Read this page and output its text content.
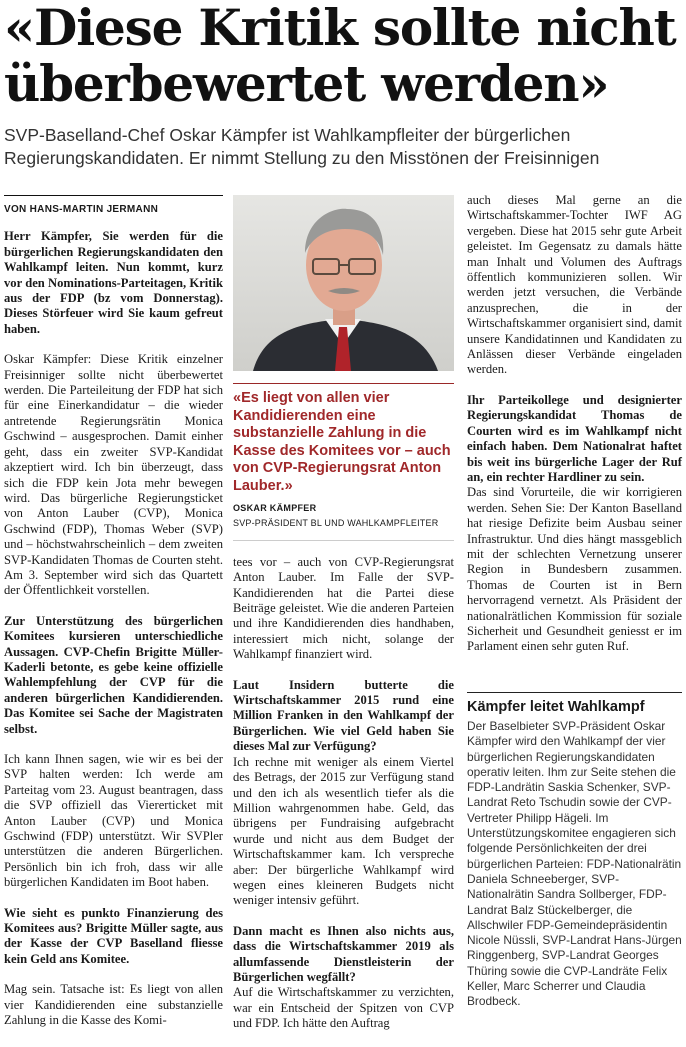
«Diese Kritik sollte nicht überbewertet werden»

SVP-Baselland-Chef Oskar Kämpfer ist Wahlkampfleiter der bürgerlichen Regierungskandidaten. Er nimmt Stellung zu den Misstönen der Freisinnigen

VON HANS-MARTIN JERMANN

Herr Kämpfer, Sie werden für die bürgerlichen Regierungskandidaten den Wahlkampf leiten. Nun kommt, kurz vor den Nominations-Parteitagen, Kritik aus der FDP (bz vom Donnerstag). Dieses Störfeuer wird Sie kaum gefreut haben.

Oskar Kämpfer: Diese Kritik einzelner Freisinniger sollte nicht überbewertet werden. Die Parteileitung der FDP hat sich für eine Einerkandidatur – die wieder antretende Regierungsrätin Monica Gschwind – ausgesprochen. Damit einher geht, dass ein zweiter SVP-Kandidat akzeptiert wird. Ich bin überzeugt, dass sich die FDP kein Jota mehr bewegen wird. Das bürgerliche Regierungsticket von Anton Lauber (CVP), Monica Gschwind (FDP), Thomas Weber (SVP) und – höchstwahrscheinlich – dem zweiten SVP-Kandidaten Thomas de Courten steht. Am 3. September wird sich das Quartett der Öffentlichkeit vorstellen.

Zur Unterstützung des bürgerlichen Komitees kursieren unterschiedliche Aussagen. CVP-Chefin Brigitte Müller-Kaderli betonte, es gebe keine offizielle Wahlempfehlung der CVP für die anderen bürgerlichen Kandidierenden. Das Komitee sei Sache der Magistraten selbst.

Ich kann Ihnen sagen, wie wir es bei der SVP halten werden: Ich werde am Parteitag vom 23. August beantragen, dass die SVP offiziell das Viererticket mit Anton Lauber (CVP) und Monica Gschwind (FDP) unterstützt. Wir SVPler unterstützen die anderen Bürgerlichen. Persönlich bin ich froh, dass wir alle bürgerlichen Kandidaten im Boot haben.

Wie sieht es punkto Finanzierung des Komitees aus? Brigitte Müller sagte, aus der Kasse der CVP Baselland fliesse kein Geld ans Komitee.

Mag sein. Tatsache ist: Es liegt von allen vier Kandidierenden eine substanzielle Zahlung in die Kasse des Komi-

«Es liegt von allen vier Kandidierenden eine substanzielle Zahlung in die Kasse des Komitees vor – auch von CVP-Regierungsrat Anton Lauber.»
OSKAR KÄMPFER
SVP-PRÄSIDENT BL UND WAHLKAMPFLEITER

tees vor – auch von CVP-Regierungsrat Anton Lauber. Im Falle der SVP-Kandidierenden hat die Partei diese Beiträge geleistet. Wie die anderen Parteien und ihre Kandidierenden dies handhaben, interessiert mich nicht, solange der Wahlkampf finanziert wird.

Laut Insidern butterte die Wirtschaftskammer 2015 rund eine Million Franken in den Wahlkampf der Bürgerlichen. Wie viel Geld haben Sie dieses Mal zur Verfügung?

Ich rechne mit weniger als einem Viertel des Betrags, der 2015 zur Verfügung stand und den ich als wesentlich tiefer als die Million wahrgenommen habe. Geld, das übrigens per Fundraising aufgebracht wurde und nicht aus dem Budget der Wirtschaftskammer kam. Ich verspreche aber: Der bürgerliche Wahlkampf wird wegen eines kleineren Budgets nicht weniger intensiv geführt.

Dann macht es Ihnen also nichts aus, dass die Wirtschaftskammer 2019 als allumfassende Dienstleisterin der Bürgerlichen wegfällt?

Auf die Wirtschaftskammer zu verzichten, war ein Entscheid der Spitzen von CVP und FDP. Ich hätte den Auftrag

auch dieses Mal gerne an die Wirtschaftskammer-Tochter IWF AG vergeben. Diese hat 2015 sehr gute Arbeit geleistet. Im Gegensatz zu damals hätte man Inhalt und Volumen des Auftrags öffentlich kommunizieren sollen. Wir werden jetzt versuchen, die Verbände anzusprechen, die in der Wirtschaftskammer organisiert sind, damit unsere Kandidatinnen und Kandidaten zu Anlässen dieser Verbände eingeladen werden.

Ihr Parteikollege und designierter Regierungskandidat Thomas de Courten wird es im Wahlkampf nicht einfach haben. Dem Nationalrat haftet bis weit ins bürgerliche Lager der Ruf an, ein rechter Hardliner zu sein.

Das sind Vorurteile, die wir korrigieren werden. Sehen Sie: Der Kanton Baselland hat riesige Defizite beim Ausbau seiner Infrastruktur. Und dies hängt massgeblich mit der schlechten Vernetzung unserer Region in Bundesbern zusammen. Thomas de Courten ist in Bern hervorragend vernetzt. Als Präsident der nationalrätlichen Kommission für soziale Sicherheit und Gesundheit geniesst er im Parlament einen sehr guten Ruf.

Kämpfer leitet Wahlkampf

Der Baselbieter SVP-Präsident Oskar Kämpfer wird den Wahlkampf der vier bürgerlichen Regierungskandidaten operativ leiten. Ihm zur Seite stehen die FDP-Landrätin Saskia Schenker, SVP-Landrat Reto Tschudin sowie der CVP-Vertreter Philipp Hägeli. Im Unterstützungskomitee engagieren sich folgende Persönlichkeiten der drei bürgerlichen Parteien: FDP-Nationalrätin Daniela Schneeberger, SVP-Nationalrätin Sandra Sollberger, FDP-Landrat Balz Stückelberger, die Allschwiler FDP-Gemeindepräsidentin Nicole Nüssli, SVP-Landrat Hans-Jürgen Ringgenberg, SVP-Landrat Georges Thüring sowie die CVP-Landräte Felix Keller, Marc Scherrer und Claudia Brodbeck.
